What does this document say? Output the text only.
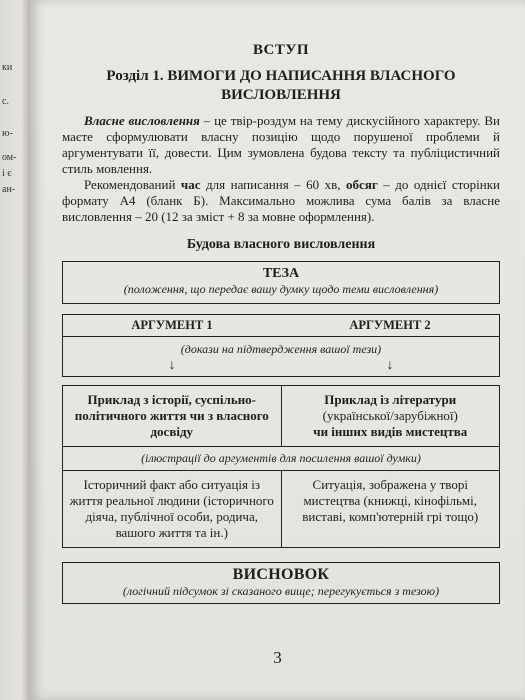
ки
с.
ю-
ом-
і є
ан-
ВСТУП
Розділ 1. ВИМОГИ ДО НАПИСАННЯ ВЛАСНОГО ВИСЛОВЛЕННЯ

Власне висловлення – це твір-роздум на тему дискусійного характеру. Ви маєте сформулювати власну позицію щодо порушеної проблеми й аргументувати її, довести. Цим зумовлена будова тексту та публіцистичний стиль мовлення.

Рекомендований час для написання – 60 хв, обсяг – до однієї сторінки формату А4 (бланк Б). Максимально можлива сума балів за власне висловлення – 20 (12 за зміст + 8 за мовне оформлення).

Будова власного висловлення
ТЕЗА
(положення, що передає вашу думку щодо теми висловлення)
АРГУМЕНТ 1	АРГУМЕНТ 2
(докази на підтвердження вашої тези)
↓	↓
Приклад з історії, суспільно-політичного життя чи з власного досвіду
Приклад із літератури
(української/зарубіжної)
чи інших видів мистецтва
(ілюстрації до аргументів для посилення вашої думки)
Історичний факт або ситуація із життя реальної людини (історичного діяча, публічної особи, родича, вашого життя та ін.)
Ситуація, зображена у творі мистецтва (книжці, кінофільмі, виставі, комп'ютерній грі тощо)
ВИСНОВОК
(логічний підсумок зі сказаного вище; перегукується з тезою)
3
